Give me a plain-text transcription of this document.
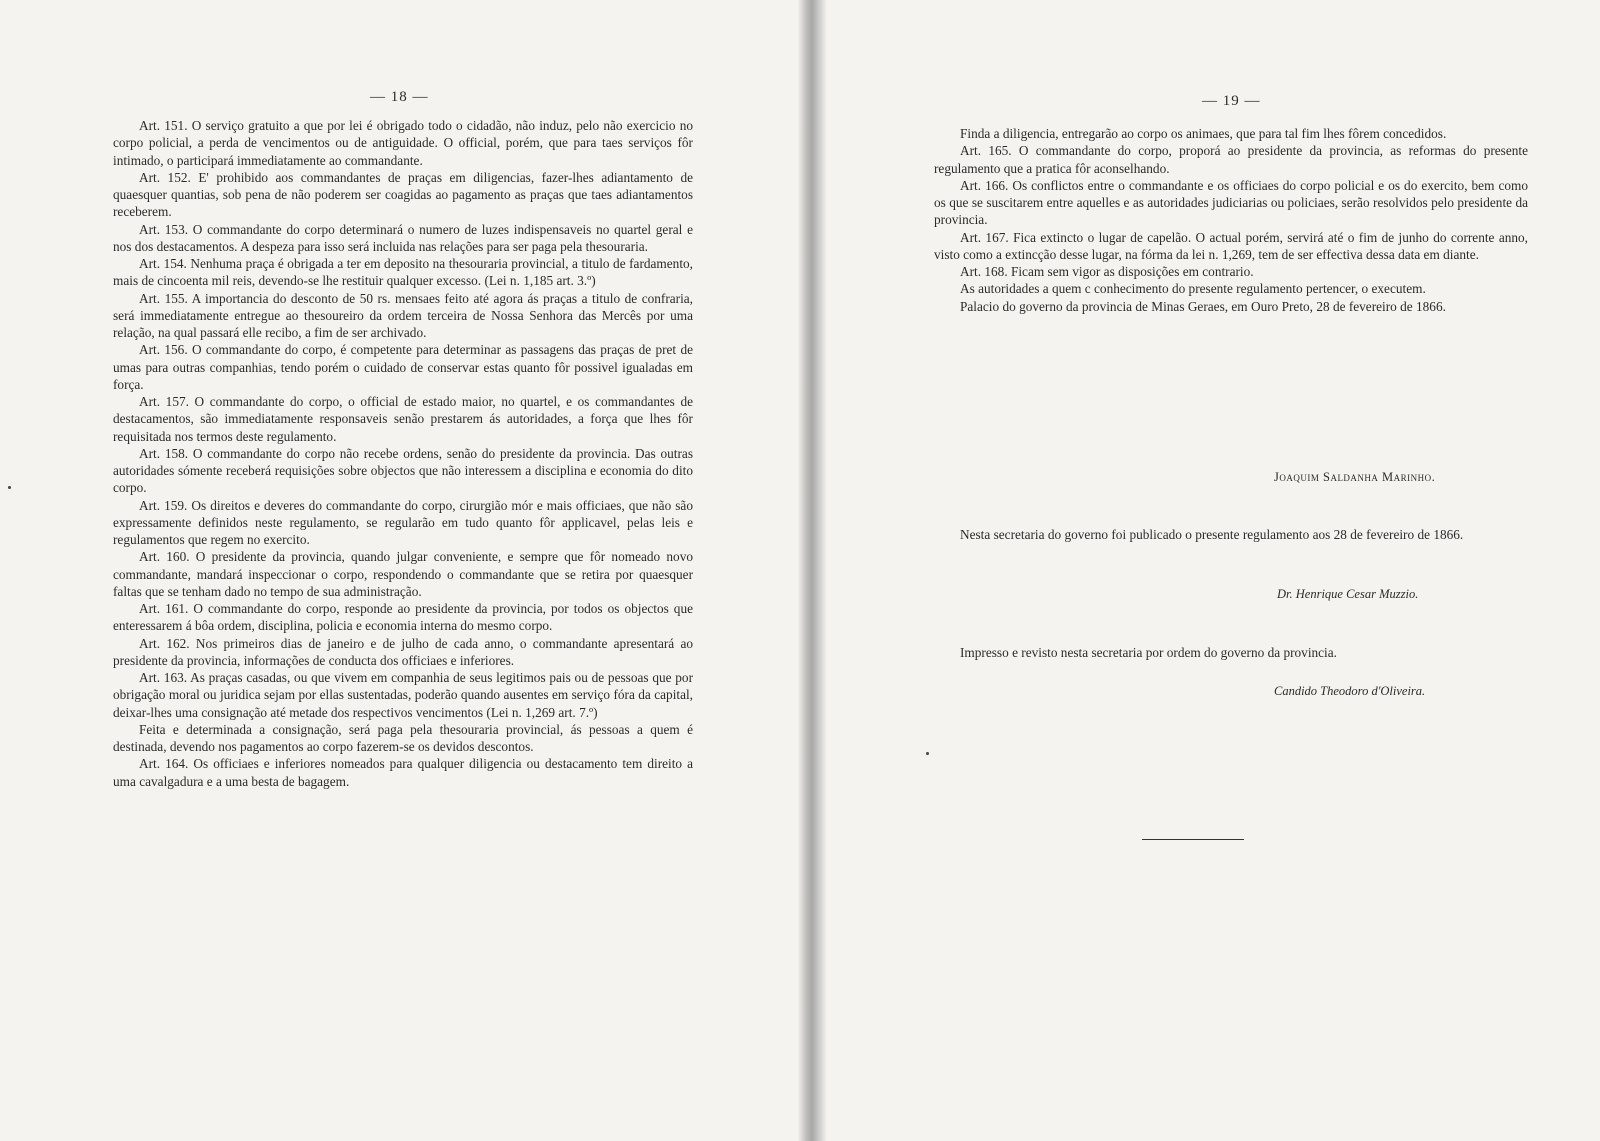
— 18 —

Art. 151. O serviço gratuito a que por lei é obrigado todo o cidadão, não induz, pelo não exercicio no corpo policial, a perda de vencimentos ou de antiguidade. O official, porém, que para taes serviços fôr intimado, o participará immediatamente ao commandante.

Art. 152. E' prohibido aos commandantes de praças em diligencias, fazer-lhes adiantamento de quaesquer quantias, sob pena de não poderem ser coagidas ao pagamento as praças que taes adiantamentos receberem.

Art. 153. O commandante do corpo determinará o numero de luzes indispensaveis no quartel geral e nos dos destacamentos. A despeza para isso será incluida nas relações para ser paga pela thesouraria.

Art. 154. Nenhuma praça é obrigada a ter em deposito na thesouraria provincial, a titulo de fardamento, mais de cincoenta mil reis, devendo-se lhe restituir qualquer excesso. (Lei n. 1,185 art. 3.º)

Art. 155. A importancia do desconto de 50 rs. mensaes feito até agora ás praças a titulo de confraria, será immediatamente entregue ao thesoureiro da ordem terceira de Nossa Senhora das Mercês por uma relação, na qual passará elle recibo, a fim de ser archivado.

Art. 156. O commandante do corpo, é competente para determinar as passagens das praças de pret de umas para outras companhias, tendo porém o cuidado de conservar estas quanto fôr possivel igualadas em força.

Art. 157. O commandante do corpo, o official de estado maior, no quartel, e os commandantes de destacamentos, são immediatamente responsaveis senão prestarem ás autoridades, a força que lhes fôr requisitada nos termos deste regulamento.

Art. 158. O commandante do corpo não recebe ordens, senão do presidente da provincia. Das outras autoridades sómente receberá requisições sobre objectos que não interessem a disciplina e economia do dito corpo.

Art. 159. Os direitos e deveres do commandante do corpo, cirurgião mór e mais officiaes, que não são expressamente definidos neste regulamento, se regularão em tudo quanto fôr applicavel, pelas leis e regulamentos que regem no exercito.

Art. 160. O presidente da provincia, quando julgar conveniente, e sempre que fôr nomeado novo commandante, mandará inspeccionar o corpo, respondendo o commandante que se retira por quaesquer faltas que se tenham dado no tempo de sua administração.

Art. 161. O commandante do corpo, responde ao presidente da provincia, por todos os objectos que enteressarem á bôa ordem, disciplina, policia e economia interna do mesmo corpo.

Art. 162. Nos primeiros dias de janeiro e de julho de cada anno, o commandante apresentará ao presidente da provincia, informações de conducta dos officiaes e inferiores.

Art. 163. As praças casadas, ou que vivem em companhia de seus legitimos pais ou de pessoas que por obrigação moral ou juridica sejam por ellas sustentadas, poderão quando ausentes em serviço fóra da capital, deixar-lhes uma consignação até metade dos respectivos vencimentos (Lei n. 1,269 art. 7.º)

Feita e determinada a consignação, será paga pela thesouraria provincial, ás pessoas a quem é destinada, devendo nos pagamentos ao corpo fazerem-se os devidos descontos.

Art. 164. Os officiaes e inferiores nomeados para qualquer diligencia ou destacamento tem direito a uma cavalgadura e a uma besta de bagagem.

— 19 —

Finda a diligencia, entregarão ao corpo os animaes, que para tal fim lhes fôrem concedidos.

Art. 165. O commandante do corpo, proporá ao presidente da provincia, as reformas do presente regulamento que a pratica fôr aconselhando.

Art. 166. Os conflictos entre o commandante e os officiaes do corpo policial e os do exercito, bem como os que se suscitarem entre aquelles e as autoridades judiciarias ou policiaes, serão resolvidos pelo presidente da provincia.

Art. 167. Fica extincto o lugar de capelão. O actual porém, servirá até o fim de junho do corrente anno, visto como a extincção desse lugar, na fórma da lei n. 1,269, tem de ser effectiva dessa data em diante.

Art. 168. Ficam sem vigor as disposições em contrario.

As autoridades a quem c conhecimento do presente regulamento pertencer, o executem.

Palacio do governo da provincia de Minas Geraes, em Ouro Preto, 28 de fevereiro de 1866.

Joaquim Saldanha Marinho.

Nesta secretaria do governo foi publicado o presente regulamento aos 28 de fevereiro de 1866.

Dr. Henrique Cesar Muzzio.

Impresso e revisto nesta secretaria por ordem do governo da provincia.

Candido Theodoro d'Oliveira.
